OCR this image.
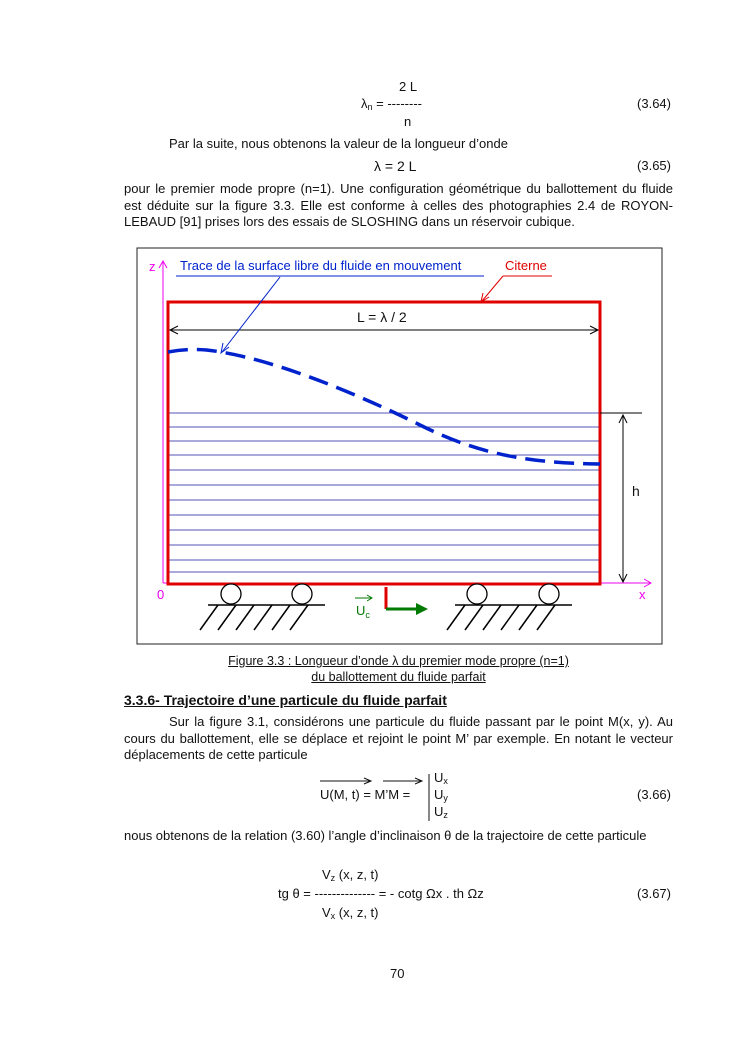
2 L
$\lambda_n$ = --------
n
(3.64)
Par la suite, nous obtenons la valeur de la longueur d’onde
λ = 2 L	(3.65)
pour le premier mode propre (n=1). Une configuration géométrique du ballottement du fluide est déduite sur la figure 3.3. Elle est conforme à celles des photographies 2.4 de ROYON-LEBAUD [91] prises lors des essais de SLOSHING dans un réservoir cubique.
z
0	x
L = λ / 2
h
Trace de la surface libre du fluide en mouvement	Citerne
$U_c$
Figure 3.3 : Longueur d’onde λ du premier mode propre (n=1)
du ballottement du fluide parfait
3.3.6- Trajectoire d’une particule du fluide parfait
Sur la figure 3.1, considérons une particule du fluide passant par le point M(x, y). Au cours du ballottement, elle se déplace et rejoint le point M’ par exemple. En notant le vecteur déplacements de cette particule
U(M, t) = M’M =
$U_x$
$U_y$
$U_z$
(3.66)
nous obtenons de la relation (3.60) l’angle d’inclinaison θ de la trajectoire de cette particule
$V_z$ (x, z, t)
tg θ = -------------- = - cotg Ωx . th Ωz
$V_x$ (x, z, t)
(3.67)
70
